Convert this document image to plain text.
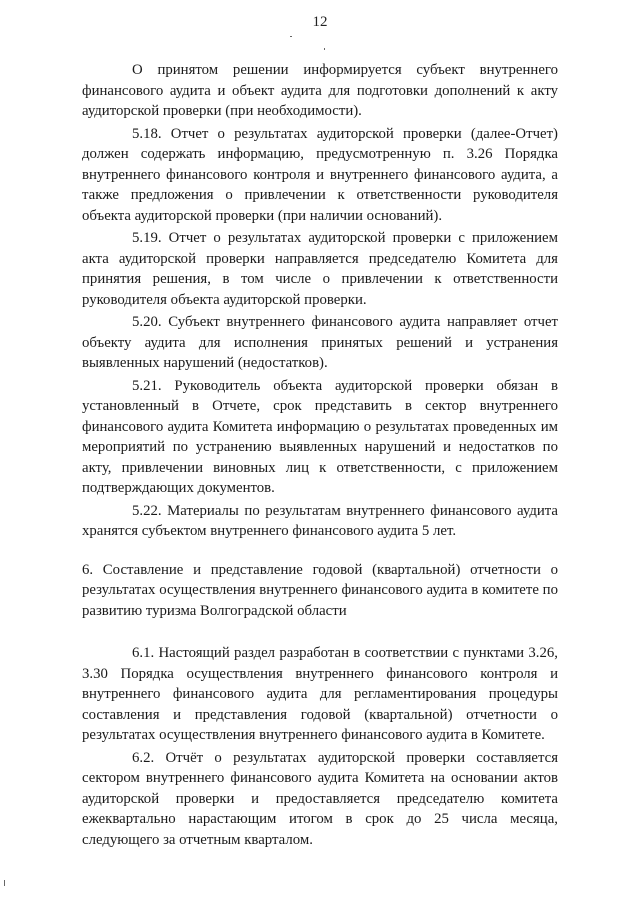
12

О принятом решении информируется субъект внутреннего финансового аудита и объект аудита для подготовки дополнений к акту аудиторской проверки (при необходимости).

5.18. Отчет о результатах аудиторской проверки (далее-Отчет) должен содержать информацию, предусмотренную п. 3.26 Порядка внутреннего финансового контроля и внутреннего финансового аудита, а также предложения о привлечении к ответственности руководителя объекта аудиторской проверки (при наличии оснований).

5.19. Отчет о результатах аудиторской проверки с приложением акта аудиторской проверки направляется председателю Комитета для принятия решения, в том числе о привлечении к ответственности руководителя объекта аудиторской проверки.

5.20. Субъект внутреннего финансового аудита направляет отчет объекту аудита для исполнения принятых решений и устранения выявленных нарушений (недостатков).

5.21. Руководитель объекта аудиторской проверки обязан в установленный в Отчете, срок представить в сектор внутреннего финансового аудита Комитета информацию о результатах проведенных им мероприятий по устранению выявленных нарушений и недостатков по акту, привлечении виновных лиц к ответственности, с приложением подтверждающих документов.

5.22. Материалы по результатам внутреннего финансового аудита хранятся субъектом внутреннего финансового аудита 5 лет.

6. Составление и представление годовой (квартальной) отчетности о результатах осуществления внутреннего финансового аудита в комитете по развитию туризма Волгоградской области

6.1. Настоящий раздел разработан в соответствии с пунктами 3.26, 3.30 Порядка осуществления внутреннего финансового контроля и внутреннего финансового аудита для регламентирования процедуры составления и представления годовой (квартальной) отчетности о результатах осуществления внутреннего финансового аудита в Комитете.

6.2. Отчёт о результатах аудиторской проверки составляется сектором внутреннего финансового аудита Комитета на основании актов аудиторской проверки и предоставляется председателю комитета ежеквартально нарастающим итогом в срок до 25 числа месяца, следующего за отчетным кварталом.
